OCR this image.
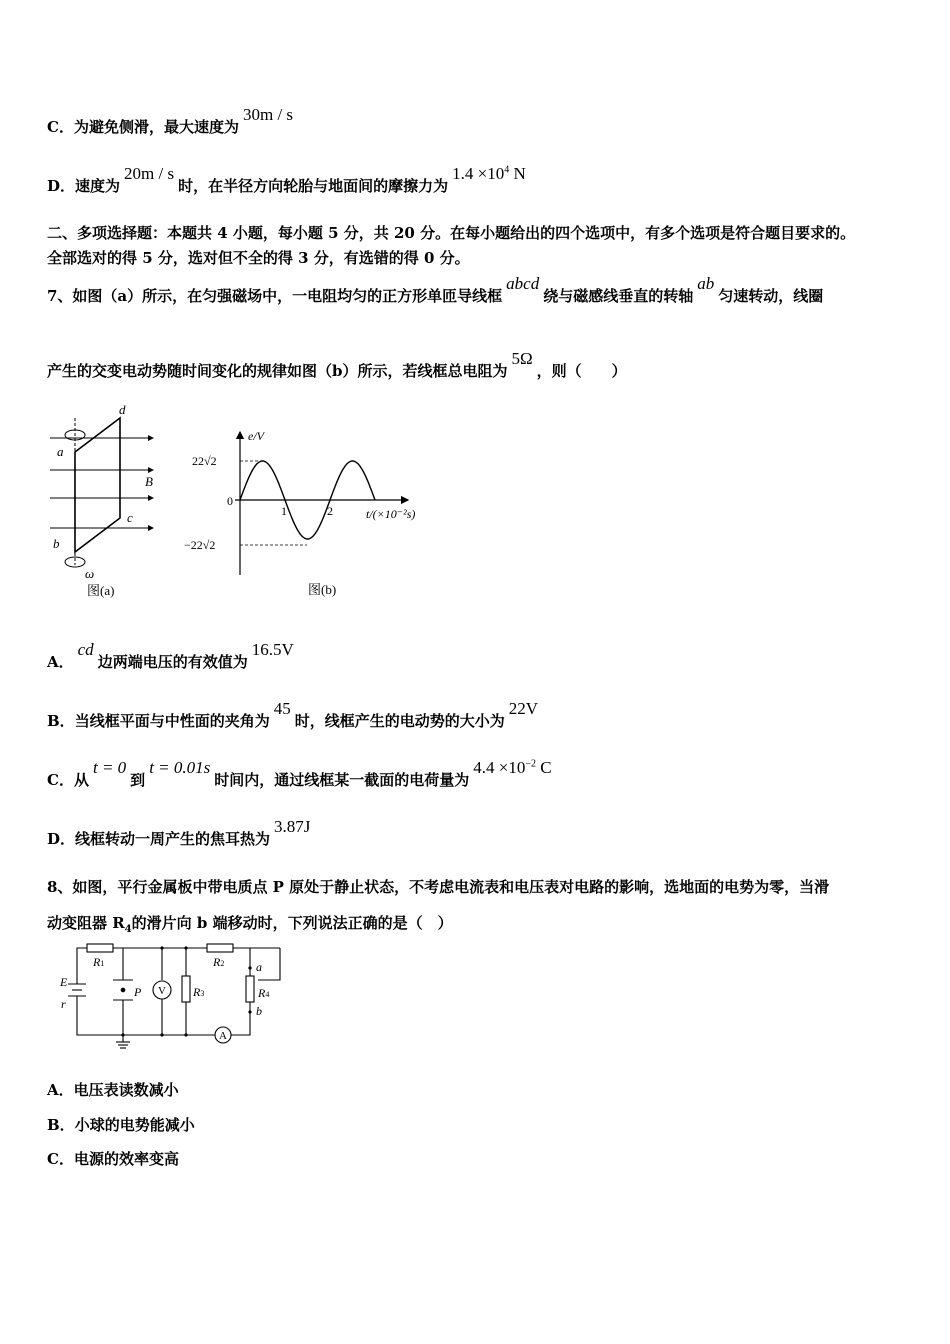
C．为避免侧滑，最大速度为30m / s
D．速度为20m / s时，在半径方向轮胎与地面间的摩擦力为$1.4 \times 10^4$ N
二、多项选择题：本题共 4 小题，每小题 5 分，共 20 分。在每小题给出的四个选项中，有多个选项是符合题目要求的。
全部选对的得 5 分，选对但不全的得 3 分，有选错的得 0 分。
7、如图（a）所示，在匀强磁场中，一电阻均匀的正方形单匝导线框abcd绕与磁感线垂直的转轴ab匀速转动，线圈
产生的交变电动势随时间变化的规律如图（b）所示，若线框总电阻为5Ω，则（　　）
d
a
B
c
b
ω
图(a)
e/V
22√2
−22√2
0
1	2	t/(×10⁻²s)
图(b)
A．cd边两端电压的有效值为16.5V
B．当线框平面与中性面的夹角为45时，线框产生的电动势的大小为22V
C．从t = 0到t = 0.01s时间内，通过线框某一截面的电荷量为$4.4 \times 10^{-2}$ C
D．线框转动一周产生的焦耳热为3.87J
8、如图，平行金属板中带电质点 P 原处于静止状态，不考虑电流表和电压表对电路的影响，选地面的电势为零，当滑
动变阻器 $R_4$的滑片向 b 端移动时，下列说法正确的是（　）
E
r
R1
P	R3
R2
R4
a
b
V
A
A．电压表读数减小
B．小球的电势能减小
C．电源的效率变高
